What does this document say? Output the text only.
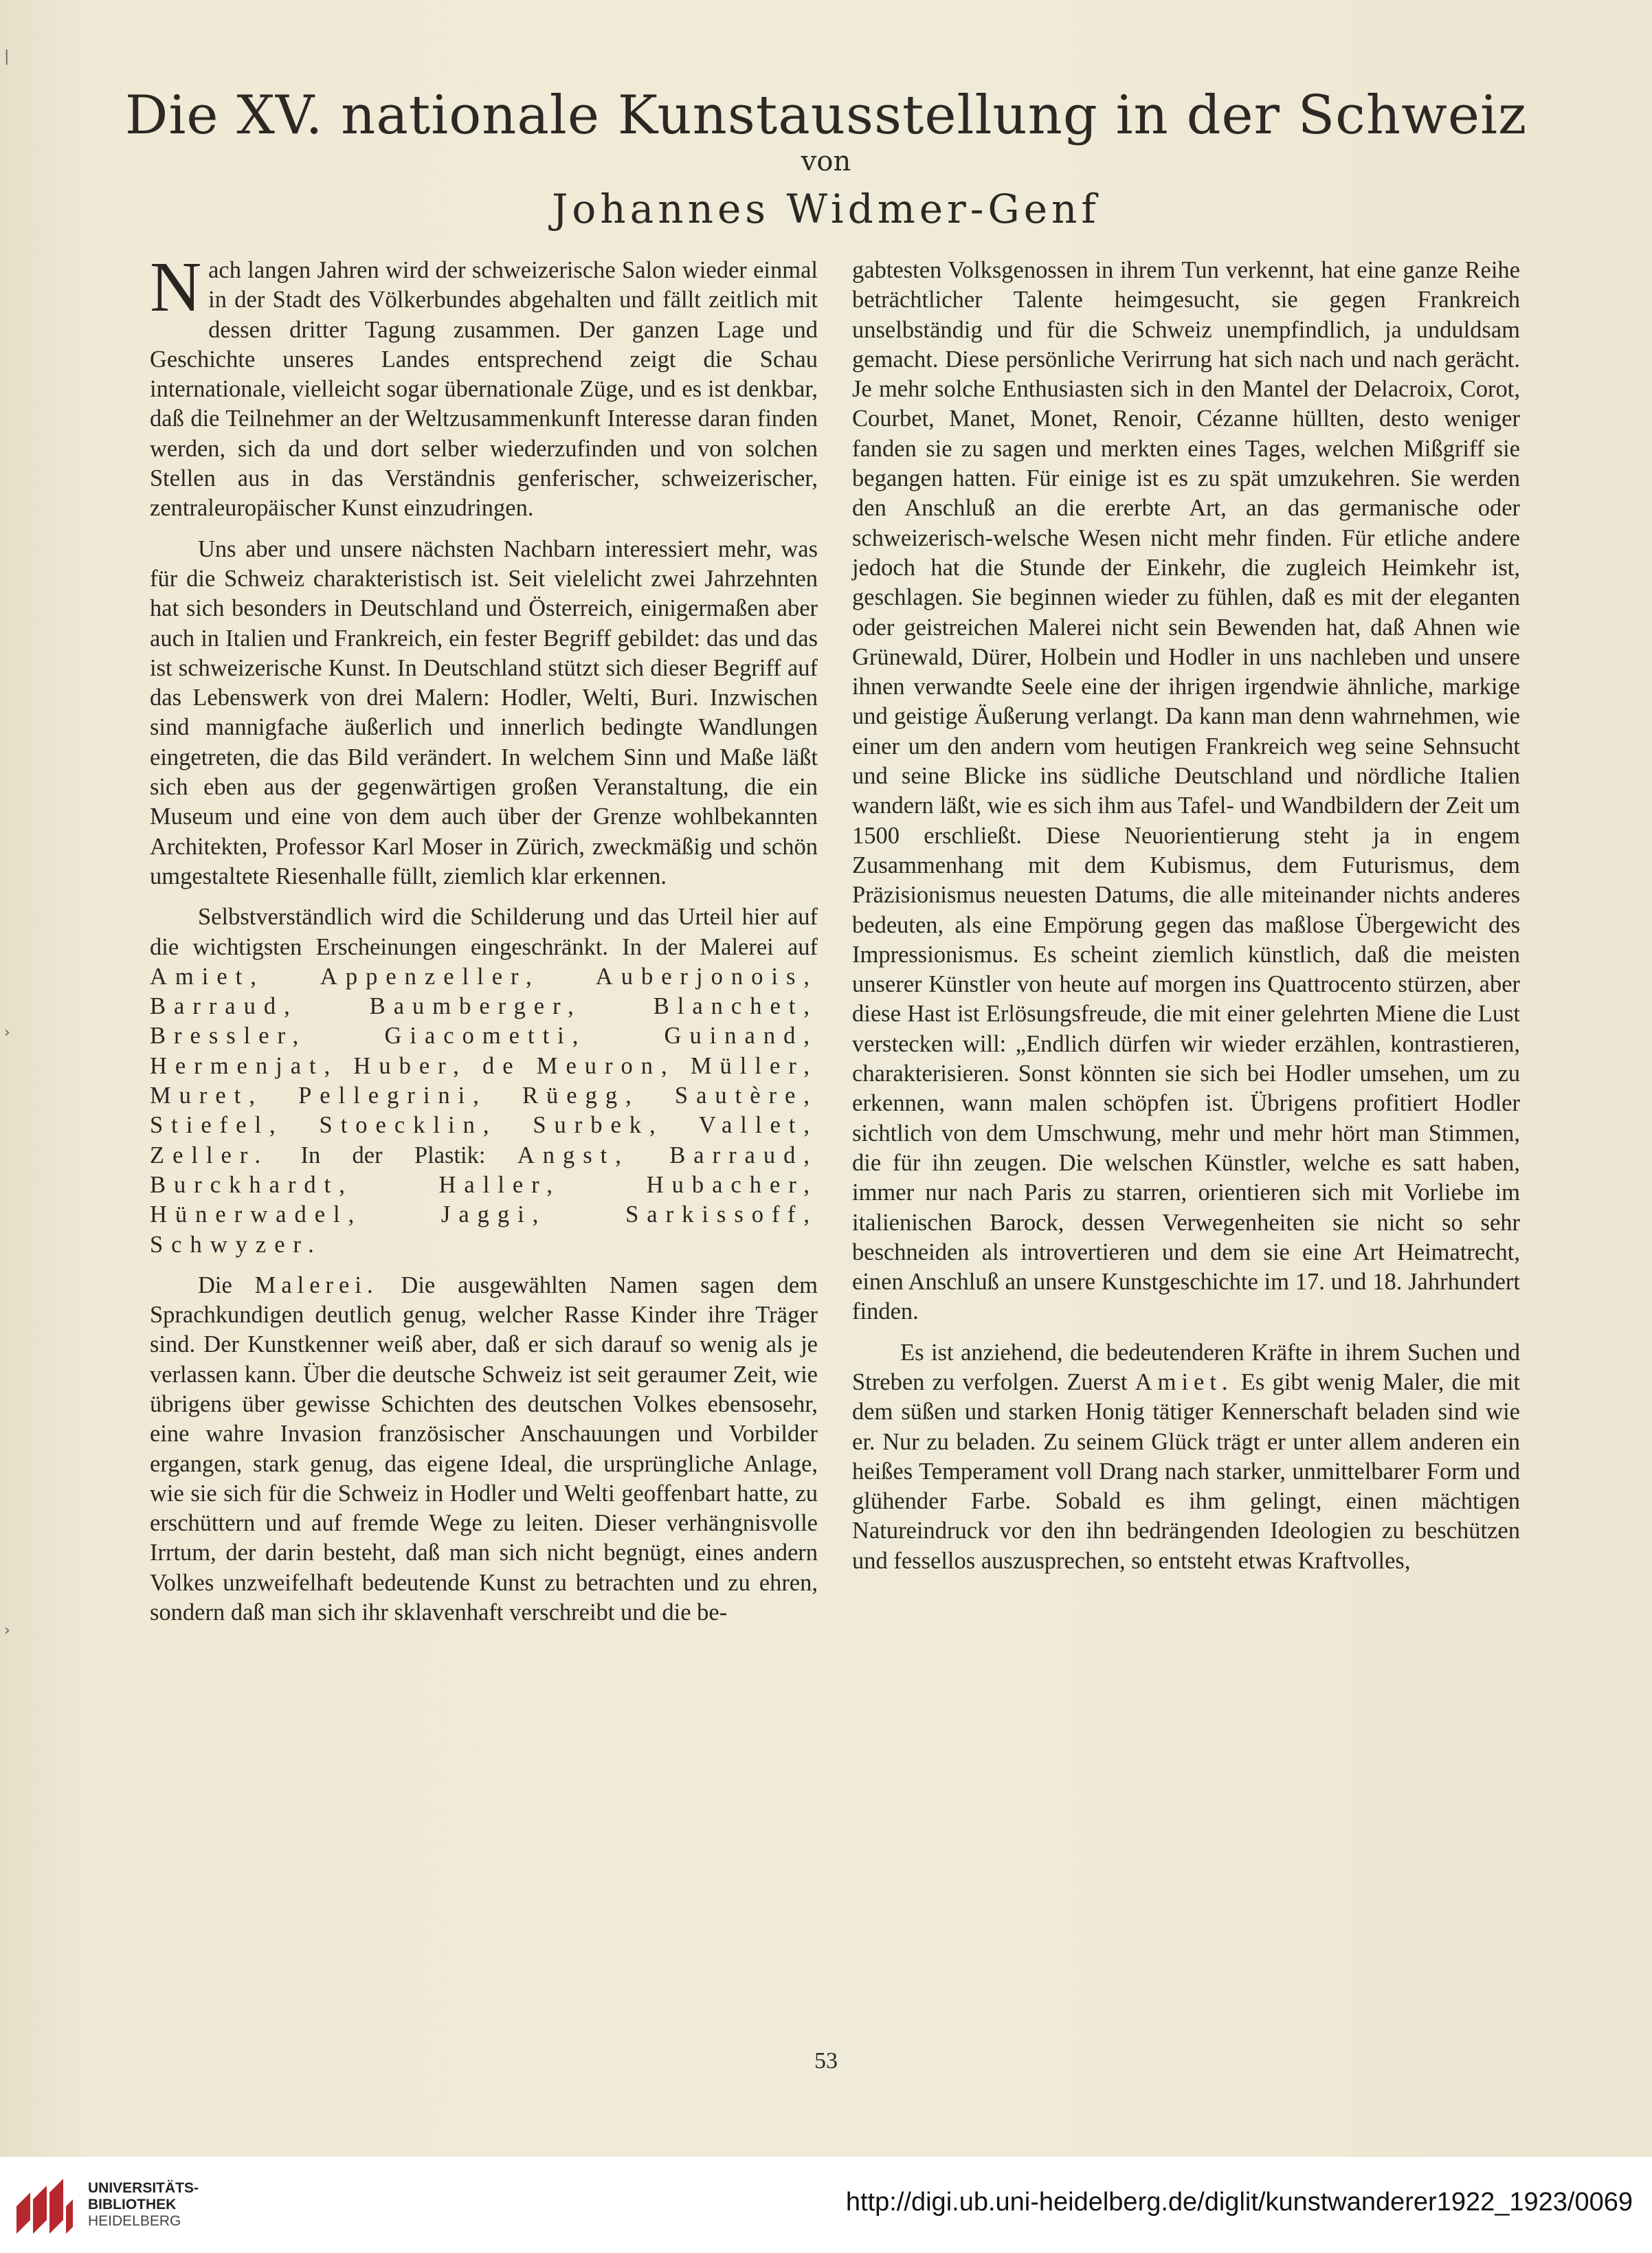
|
›
›
Die XV. nationale Kunstausstellung in der Schweiz
von
Johannes Widmer-Genf

Nach langen Jahren wird der schweizerische Salon wieder einmal in der Stadt des Völkerbundes abgehalten und fällt zeitlich mit dessen dritter Tagung zusammen. Der ganzen Lage und Geschichte unseres Landes entsprechend zeigt die Schau internationale, vielleicht sogar übernationale Züge, und es ist denkbar, daß die Teilnehmer an der Weltzusammenkunft Interesse daran finden werden, sich da und dort selber wiederzufinden und von solchen Stellen aus in das Verständnis genferischer, schweizerischer, zentraleuropäischer Kunst einzudringen.

Uns aber und unsere nächsten Nachbarn interessiert mehr, was für die Schweiz charakteristisch ist. Seit vielelicht zwei Jahrzehnten hat sich besonders in Deutschland und Österreich, einigermaßen aber auch in Italien und Frankreich, ein fester Begriff gebildet: das und das ist schweizerische Kunst. In Deutschland stützt sich dieser Begriff auf das Lebenswerk von drei Malern: Hodler, Welti, Buri. Inzwischen sind mannigfache äußerlich und innerlich bedingte Wandlungen eingetreten, die das Bild verändert. In welchem Sinn und Maße läßt sich eben aus der gegenwärtigen großen Veranstaltung, die ein Museum und eine von dem auch über der Grenze wohlbekannten Architekten, Professor Karl Moser in Zürich, zweckmäßig und schön umgestaltete Riesenhalle füllt, ziemlich klar erkennen.

Selbstverständlich wird die Schilderung und das Urteil hier auf die wichtigsten Erscheinungen eingeschränkt. In der Malerei auf Amiet, Appenzeller, Auberjonois, Barraud, Baumberger, Blanchet, Bressler, Giacometti, Guinand, Hermenjat, Huber, de Meuron, Müller, Muret, Pellegrini, Rüegg, Sautère, Stiefel, Stoecklin, Surbek, Vallet, Zeller. In der Plastik: Angst, Barraud, Burckhardt, Haller, Hubacher, Hünerwadel, Jaggi, Sarkissoff, Schwyzer.

Die Malerei. Die ausgewählten Namen sagen dem Sprachkundigen deutlich genug, welcher Rasse Kinder ihre Träger sind. Der Kunstkenner weiß aber, daß er sich darauf so wenig als je verlassen kann. Über die deutsche Schweiz ist seit geraumer Zeit, wie übrigens über gewisse Schichten des deutschen Volkes ebensosehr, eine wahre Invasion französischer Anschauungen und Vorbilder ergangen, stark genug, das eigene Ideal, die ursprüngliche Anlage, wie sie sich für die Schweiz in Hodler und Welti geoffenbart hatte, zu erschüttern und auf fremde Wege zu leiten. Dieser verhängnisvolle Irrtum, der darin besteht, daß man sich nicht begnügt, eines andern Volkes unzweifelhaft bedeutende Kunst zu betrachten und zu ehren, sondern daß man sich ihr sklavenhaft verschreibt und die be-

gabtesten Volksgenossen in ihrem Tun verkennt, hat eine ganze Reihe beträchtlicher Talente heimgesucht, sie gegen Frankreich unselbständig und für die Schweiz unempfindlich, ja unduldsam gemacht. Diese persönliche Verirrung hat sich nach und nach gerächt. Je mehr solche Enthusiasten sich in den Mantel der Delacroix, Corot, Courbet, Manet, Monet, Renoir, Cézanne hüllten, desto weniger fanden sie zu sagen und merkten eines Tages, welchen Mißgriff sie begangen hatten. Für einige ist es zu spät umzukehren. Sie werden den Anschluß an die ererbte Art, an das germanische oder schweizerisch-welsche Wesen nicht mehr finden. Für etliche andere jedoch hat die Stunde der Einkehr, die zugleich Heimkehr ist, geschlagen. Sie beginnen wieder zu fühlen, daß es mit der eleganten oder geistreichen Malerei nicht sein Bewenden hat, daß Ahnen wie Grünewald, Dürer, Holbein und Hodler in uns nachleben und unsere ihnen verwandte Seele eine der ihrigen irgendwie ähnliche, markige und geistige Äußerung verlangt. Da kann man denn wahrnehmen, wie einer um den andern vom heutigen Frankreich weg seine Sehnsucht und seine Blicke ins südliche Deutschland und nördliche Italien wandern läßt, wie es sich ihm aus Tafel- und Wandbildern der Zeit um 1500 erschließt. Diese Neuorientierung steht ja in engem Zusammenhang mit dem Kubismus, dem Futurismus, dem Präzisionismus neuesten Datums, die alle miteinander nichts anderes bedeuten, als eine Empörung gegen das maßlose Übergewicht des Impressionismus. Es scheint ziemlich künstlich, daß die meisten unserer Künstler von heute auf morgen ins Quattrocento stürzen, aber diese Hast ist Erlösungsfreude, die mit einer gelehrten Miene die Lust verstecken will: „Endlich dürfen wir wieder erzählen, kontrastieren, charakterisieren. Sonst könnten sie sich bei Hodler umsehen, um zu erkennen, wann malen schöpfen ist. Übrigens profitiert Hodler sichtlich von dem Umschwung, mehr und mehr hört man Stimmen, die für ihn zeugen. Die welschen Künstler, welche es satt haben, immer nur nach Paris zu starren, orientieren sich mit Vorliebe im italienischen Barock, dessen Verwegenheiten sie nicht so sehr beschneiden als introvertieren und dem sie eine Art Heimatrecht, einen Anschluß an unsere Kunstgeschichte im 17. und 18. Jahrhundert finden.

Es ist anziehend, die bedeutenderen Kräfte in ihrem Suchen und Streben zu verfolgen. Zuerst Amiet. Es gibt wenig Maler, die mit dem süßen und starken Honig tätiger Kennerschaft beladen sind wie er. Nur zu beladen. Zu seinem Glück trägt er unter allem anderen ein heißes Temperament voll Drang nach starker, unmittelbarer Form und glühender Farbe. Sobald es ihm gelingt, einen mächtigen Natureindruck vor den ihn bedrängenden Ideologien zu beschützen und fessellos auszusprechen, so entsteht etwas Kraftvolles,

53
UNIVERSITÄTS-
BIBLIOTHEK
HEIDELBERG
http://digi.ub.uni-heidelberg.de/diglit/kunstwanderer1922_1923/0069
